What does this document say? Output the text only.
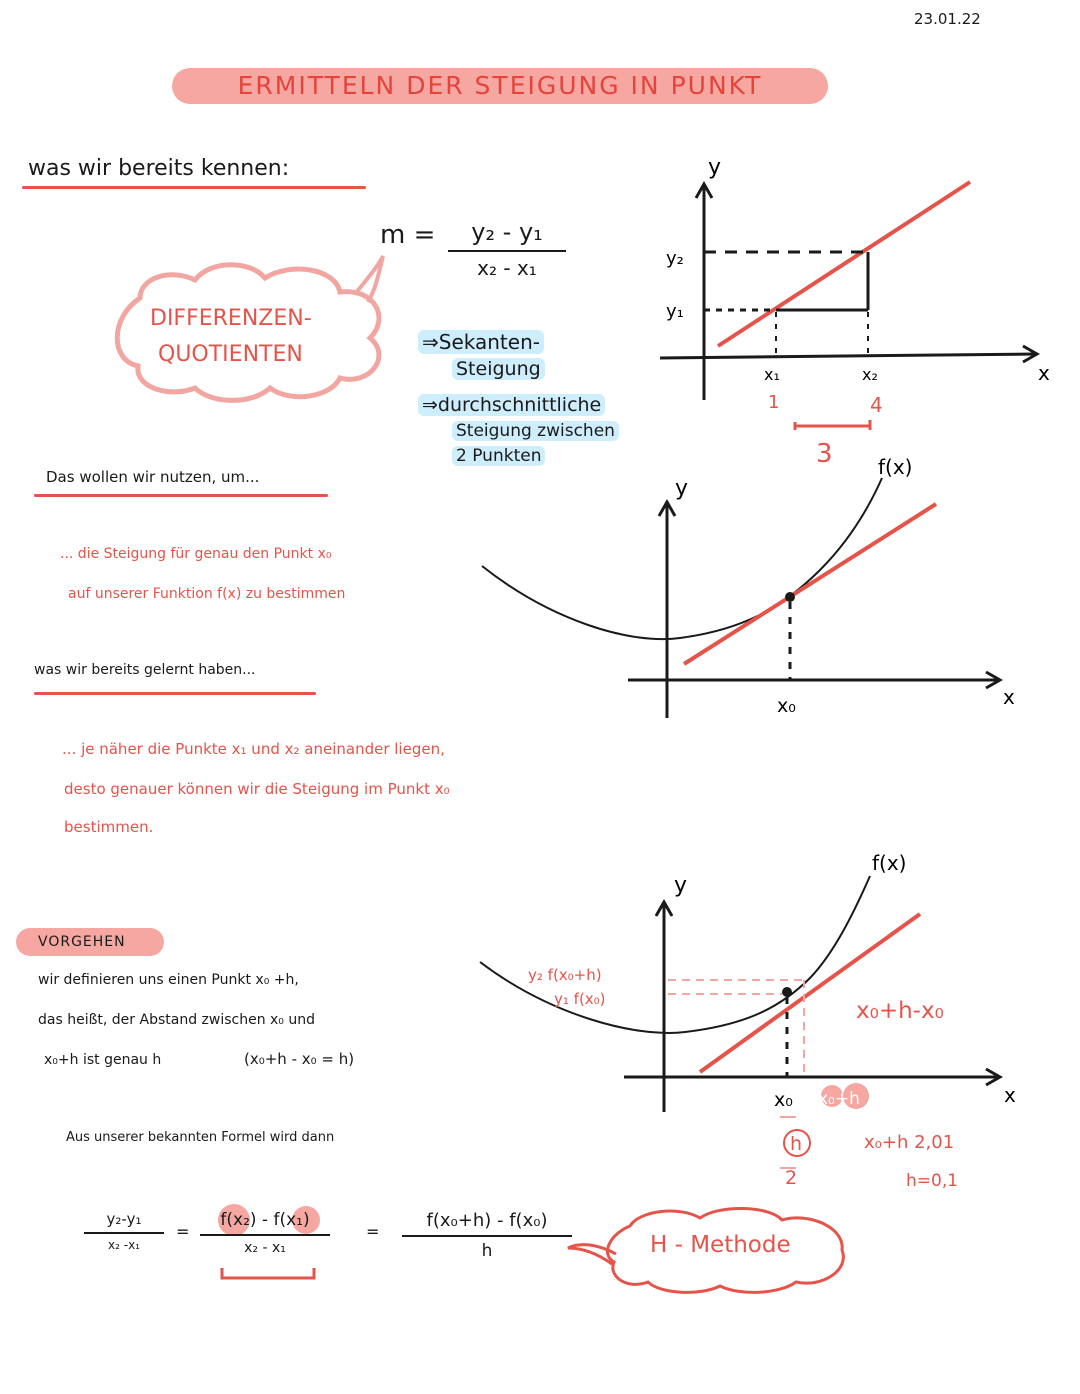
23.01.22
ERMITTELN DER STEIGUNG IN PUNKT
was wir bereits kennen:
m =	y₂ - y₁
x₂ - x₁
DIFFERENZEN-
QUOTIENTEN	⇒Sekanten-
Steigung
⇒durchschnittliche
Steigung zwischen
2 Punkten
y
x
y₂
y₁
x₁	x₂
1	4
3
Das wollen wir nutzen, um...
... die Steigung für genau den Punkt x₀
auf unserer Funktion f(x) zu bestimmen
y
x
f(x)
x₀
was wir bereits gelernt haben...
... je näher die Punkte x₁ und x₂ aneinander liegen,
desto genauer können wir die Steigung im Punkt x₀
bestimmen.
VORGEHEN
wir definieren uns einen Punkt x₀ +h,
das heißt, der Abstand zwischen x₀ und
x₀+h ist genau h	(x₀+h - x₀ = h)
Aus unserer bekannten Formel wird dann
y
x
f(x)
y₂ f(x₀+h)
y₁ f(x₀)
x₀ x₀+h
h
2
x₀+h-x₀
x₀+h 2,01
h=0,1
y₂-y₁
x₂ -x₁
=
f(x₂) - f(x₁)
x₂ - x₁
=
f(x₀+h) - f(x₀)
h	H - Methode
